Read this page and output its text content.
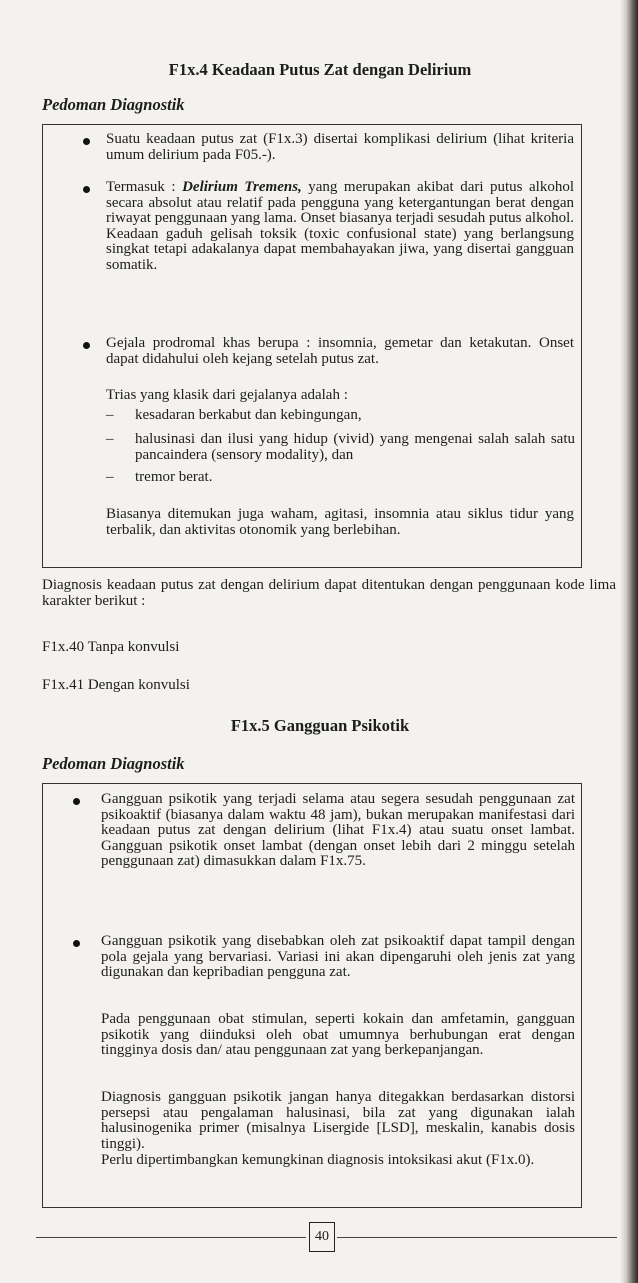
F1x.4 Keadaan Putus Zat dengan Delirium
Pedoman Diagnostik
Suatu keadaan putus zat (F1x.3) disertai komplikasi delirium (lihat kriteria umum delirium pada F05.-).
Termasuk : Delirium Tremens, yang merupakan akibat dari putus alkohol secara absolut atau relatif pada pengguna yang ketergantungan berat dengan riwayat penggunaan yang lama. Onset biasanya terjadi sesudah putus alkohol. Keadaan gaduh gelisah toksik (toxic confusional state) yang berlangsung singkat tetapi adakalanya dapat membahayakan jiwa, yang disertai gangguan somatik.
Gejala prodromal khas berupa : insomnia, gemetar dan ketakutan. Onset dapat didahului oleh kejang setelah putus zat.
Trias yang klasik dari gejalanya adalah :
– kesadaran berkabut dan kebingungan,
– halusinasi dan ilusi yang hidup (vivid) yang mengenai salah salah satu pancaindera (sensory modality), dan
– tremor berat.
Biasanya ditemukan juga waham, agitasi, insomnia atau siklus tidur yang terbalik, dan aktivitas otonomik yang berlebihan.
Diagnosis keadaan putus zat dengan delirium dapat ditentukan dengan penggunaan kode lima karakter berikut :
F1x.40 Tanpa konvulsi
F1x.41 Dengan konvulsi
F1x.5 Gangguan Psikotik
Pedoman Diagnostik
Gangguan psikotik yang terjadi selama atau segera sesudah penggunaan zat psikoaktif (biasanya dalam waktu 48 jam), bukan merupakan manifestasi dari keadaan putus zat dengan delirium (lihat F1x.4) atau suatu onset lambat. Gangguan psikotik onset lambat (dengan onset lebih dari 2 minggu setelah penggunaan zat) dimasukkan dalam F1x.75.
Gangguan psikotik yang disebabkan oleh zat psikoaktif dapat tampil dengan pola gejala yang bervariasi. Variasi ini akan dipengaruhi oleh jenis zat yang digunakan dan kepribadian pengguna zat.
Pada penggunaan obat stimulan, seperti kokain dan amfetamin, gangguan psikotik yang diinduksi oleh obat umumnya berhubungan erat dengan tingginya dosis dan/ atau penggunaan zat yang berkepanjangan.
Diagnosis gangguan psikotik jangan hanya ditegakkan berdasarkan distorsi persepsi atau pengalaman halusinasi, bila zat yang digunakan ialah halusinogenika primer (misalnya Lisergide [LSD], meskalin, kanabis dosis tinggi).
Perlu dipertimbangkan kemungkinan diagnosis intoksikasi akut (F1x.0).
40
